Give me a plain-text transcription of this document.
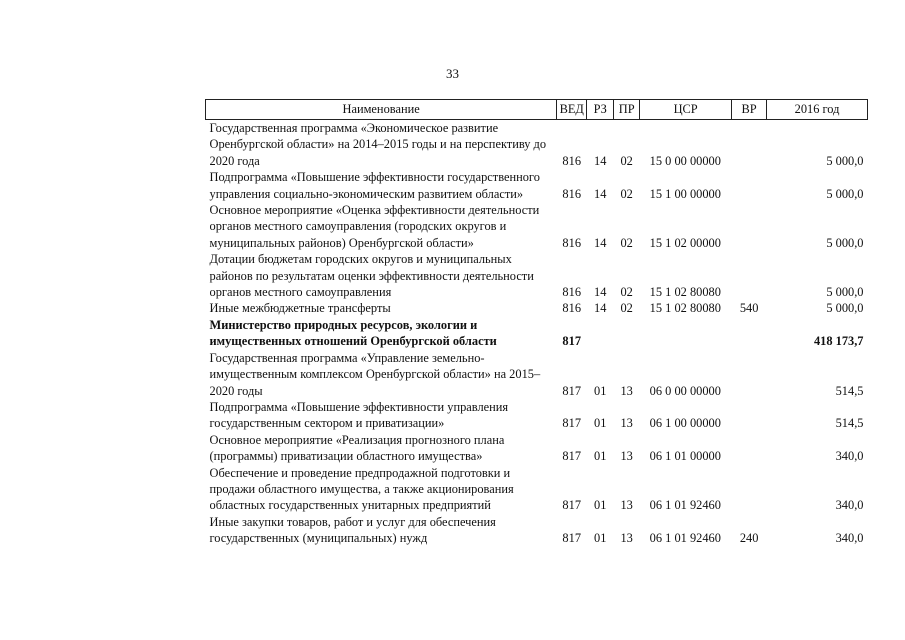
33
Наименование	ВЕД	РЗ	ПР	ЦСР	ВР	2016 год
Государственная программа «Экономическое развитие Оренбургской области» на 2014–2015 годы и на перспективу до 2020 года	816	14	02	15 0 00 00000		5 000,0
Подпрограмма «Повышение эффективности государственного управления социально-экономическим развитием области»	816	14	02	15 1 00 00000		5 000,0
Основное мероприятие «Оценка эффективности деятельности органов местного самоуправления (городских округов и муниципальных районов) Оренбургской области»	816	14	02	15 1 02 00000		5 000,0
Дотации бюджетам городских округов и муниципальных районов по результатам оценки эффективности деятельности органов местного самоуправления	816	14	02	15 1 02 80080		5 000,0
Иные межбюджетные трансферты	816	14	02	15 1 02 80080	540	5 000,0
Министерство природных ресурсов, экологии и имущественных отношений Оренбургской области	817					418 173,7
Государственная программа «Управление земельно-имущественным комплексом Оренбургской области» на 2015–2020 годы	817	01	13	06 0 00 00000		514,5
Подпрограмма «Повышение эффективности управления государственным сектором и приватизации»	817	01	13	06 1 00 00000		514,5
Основное мероприятие «Реализация прогнозного плана (программы) приватизации областного имущества»	817	01	13	06 1 01 00000		340,0
Обеспечение и проведение предпродажной подготовки и продажи областного имущества, а также акционирования областных государственных унитарных предприятий	817	01	13	06 1 01 92460		340,0
Иные закупки товаров, работ и услуг для обеспечения государственных (муниципальных) нужд	817	01	13	06 1 01 92460	240	340,0
